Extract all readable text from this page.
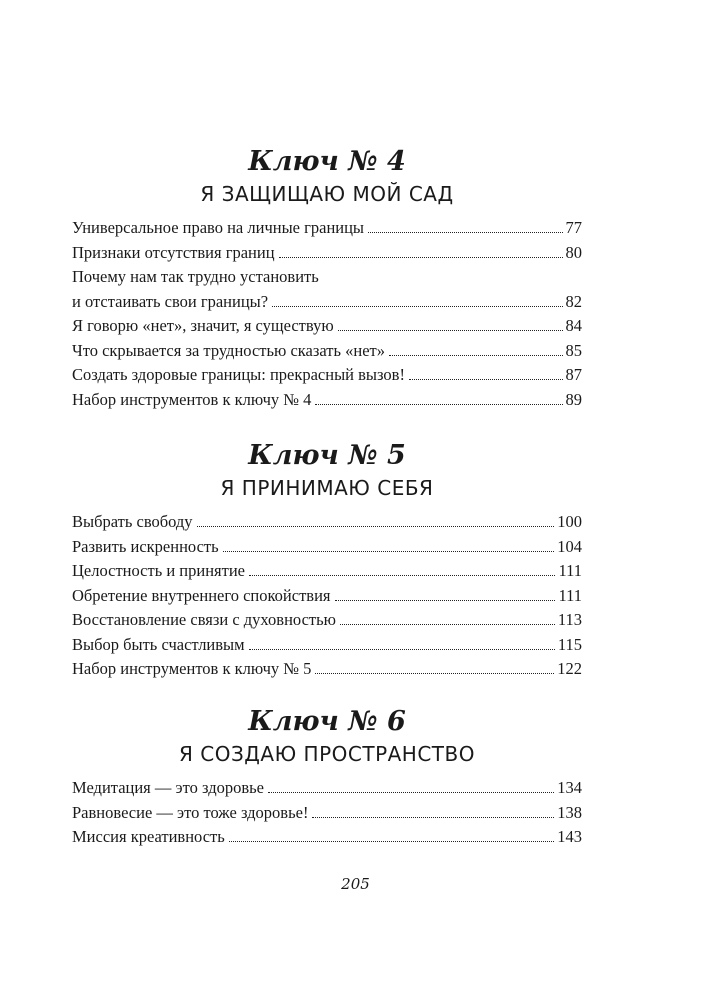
Ключ № 4
Я ЗАЩИЩАЮ МОЙ САД
Универсальное право на личные границы	77
Признаки отсутствия границ	80
Почему нам так трудно установить
и отстаивать свои границы?	82
Я говорю «нет», значит, я существую	84
Что скрывается за трудностью сказать «нет»	85
Создать здоровые границы: прекрасный вызов!	87
Набор инструментов к ключу № 4	89
Ключ № 5
Я ПРИНИМАЮ СЕБЯ
Выбрать свободу	100
Развить искренность	104
Целостность и принятие	111
Обретение внутреннего спокойствия	111
Восстановление связи с духовностью	113
Выбор быть счастливым	115
Набор инструментов к ключу № 5	122
Ключ № 6
Я СОЗДАЮ ПРОСТРАНСТВО
Медитация — это здоровье	134
Равновесие — это тоже здоровье!	138
Миссия креативность	143
205
